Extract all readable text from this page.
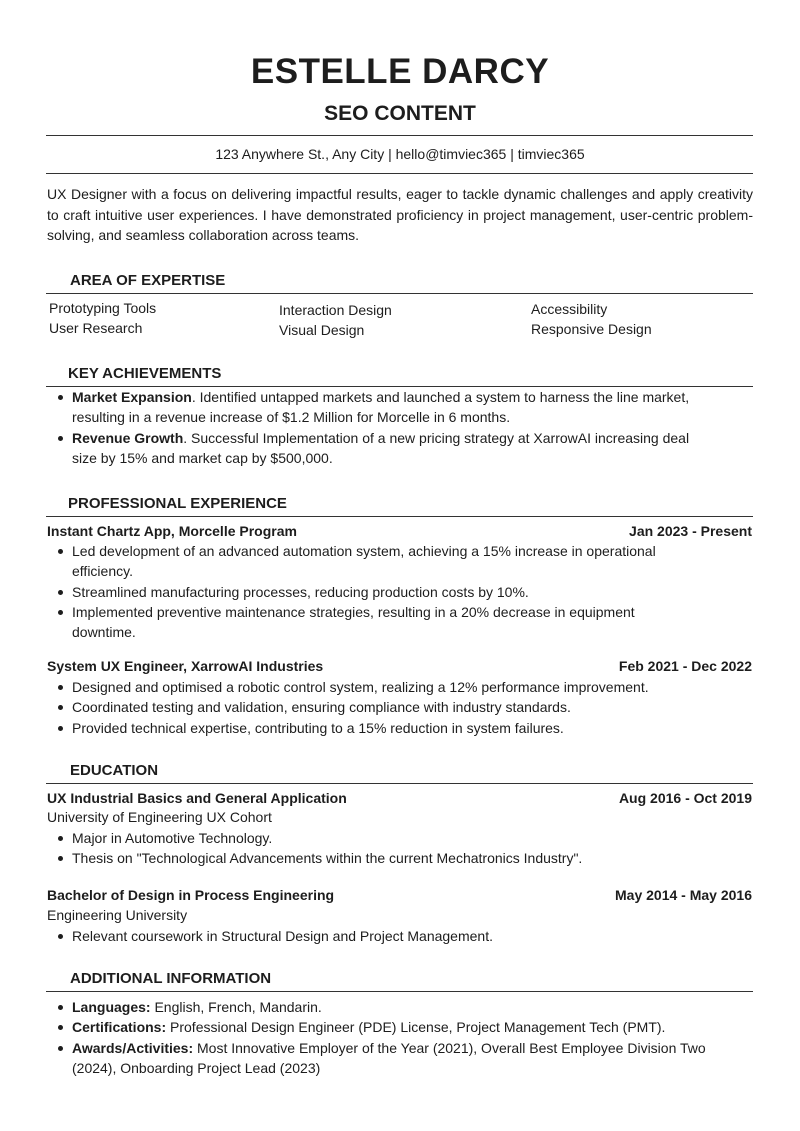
ESTELLE DARCY
SEO CONTENT
123 Anywhere St., Any City | hello@timviec365 | timviec365

UX Designer with a focus on delivering impactful results, eager to tackle dynamic challenges and apply creativity to craft intuitive user experiences. I have demonstrated proficiency in project management, user-centric problem-solving, and seamless collaboration across teams.

AREA OF EXPERTISE
Prototyping Tools	Interaction Design	Accessibility
User Research	Visual Design	Responsive Design
KEY ACHIEVEMENTS
Market Expansion. Identified untapped markets and launched a system to harness the line market, resulting in a revenue increase of $1.2 Million for Morcelle in 6 months.
Revenue Growth. Successful Implementation of a new pricing strategy at XarrowAI increasing deal size by 15% and market cap by $500,000.
PROFESSIONAL EXPERIENCE
Instant Chartz App, Morcelle Program	Jan 2023 - Present
Led development of an advanced automation system, achieving a 15% increase in operational efficiency.
Streamlined manufacturing processes, reducing production costs by 10%.
Implemented preventive maintenance strategies, resulting in a 20% decrease in equipment downtime.
System UX Engineer, XarrowAI Industries	Feb 2021 - Dec 2022
Designed and optimised a robotic control system, realizing a 12% performance improvement.
Coordinated testing and validation, ensuring compliance with industry standards.
Provided technical expertise, contributing to a 15% reduction in system failures.
EDUCATION
UX Industrial Basics and General Application	Aug 2016 - Oct 2019
University of Engineering UX Cohort
Major in Automotive Technology.
Thesis on "Technological Advancements within the current Mechatronics Industry".
Bachelor of Design in Process Engineering	May 2014 - May 2016
Engineering University
Relevant coursework in Structural Design and Project Management.
ADDITIONAL INFORMATION
Languages: English, French, Mandarin.
Certifications: Professional Design Engineer (PDE) License, Project Management Tech (PMT).
Awards/Activities: Most Innovative Employer of the Year (2021), Overall Best Employee Division Two (2024), Onboarding Project Lead (2023)
